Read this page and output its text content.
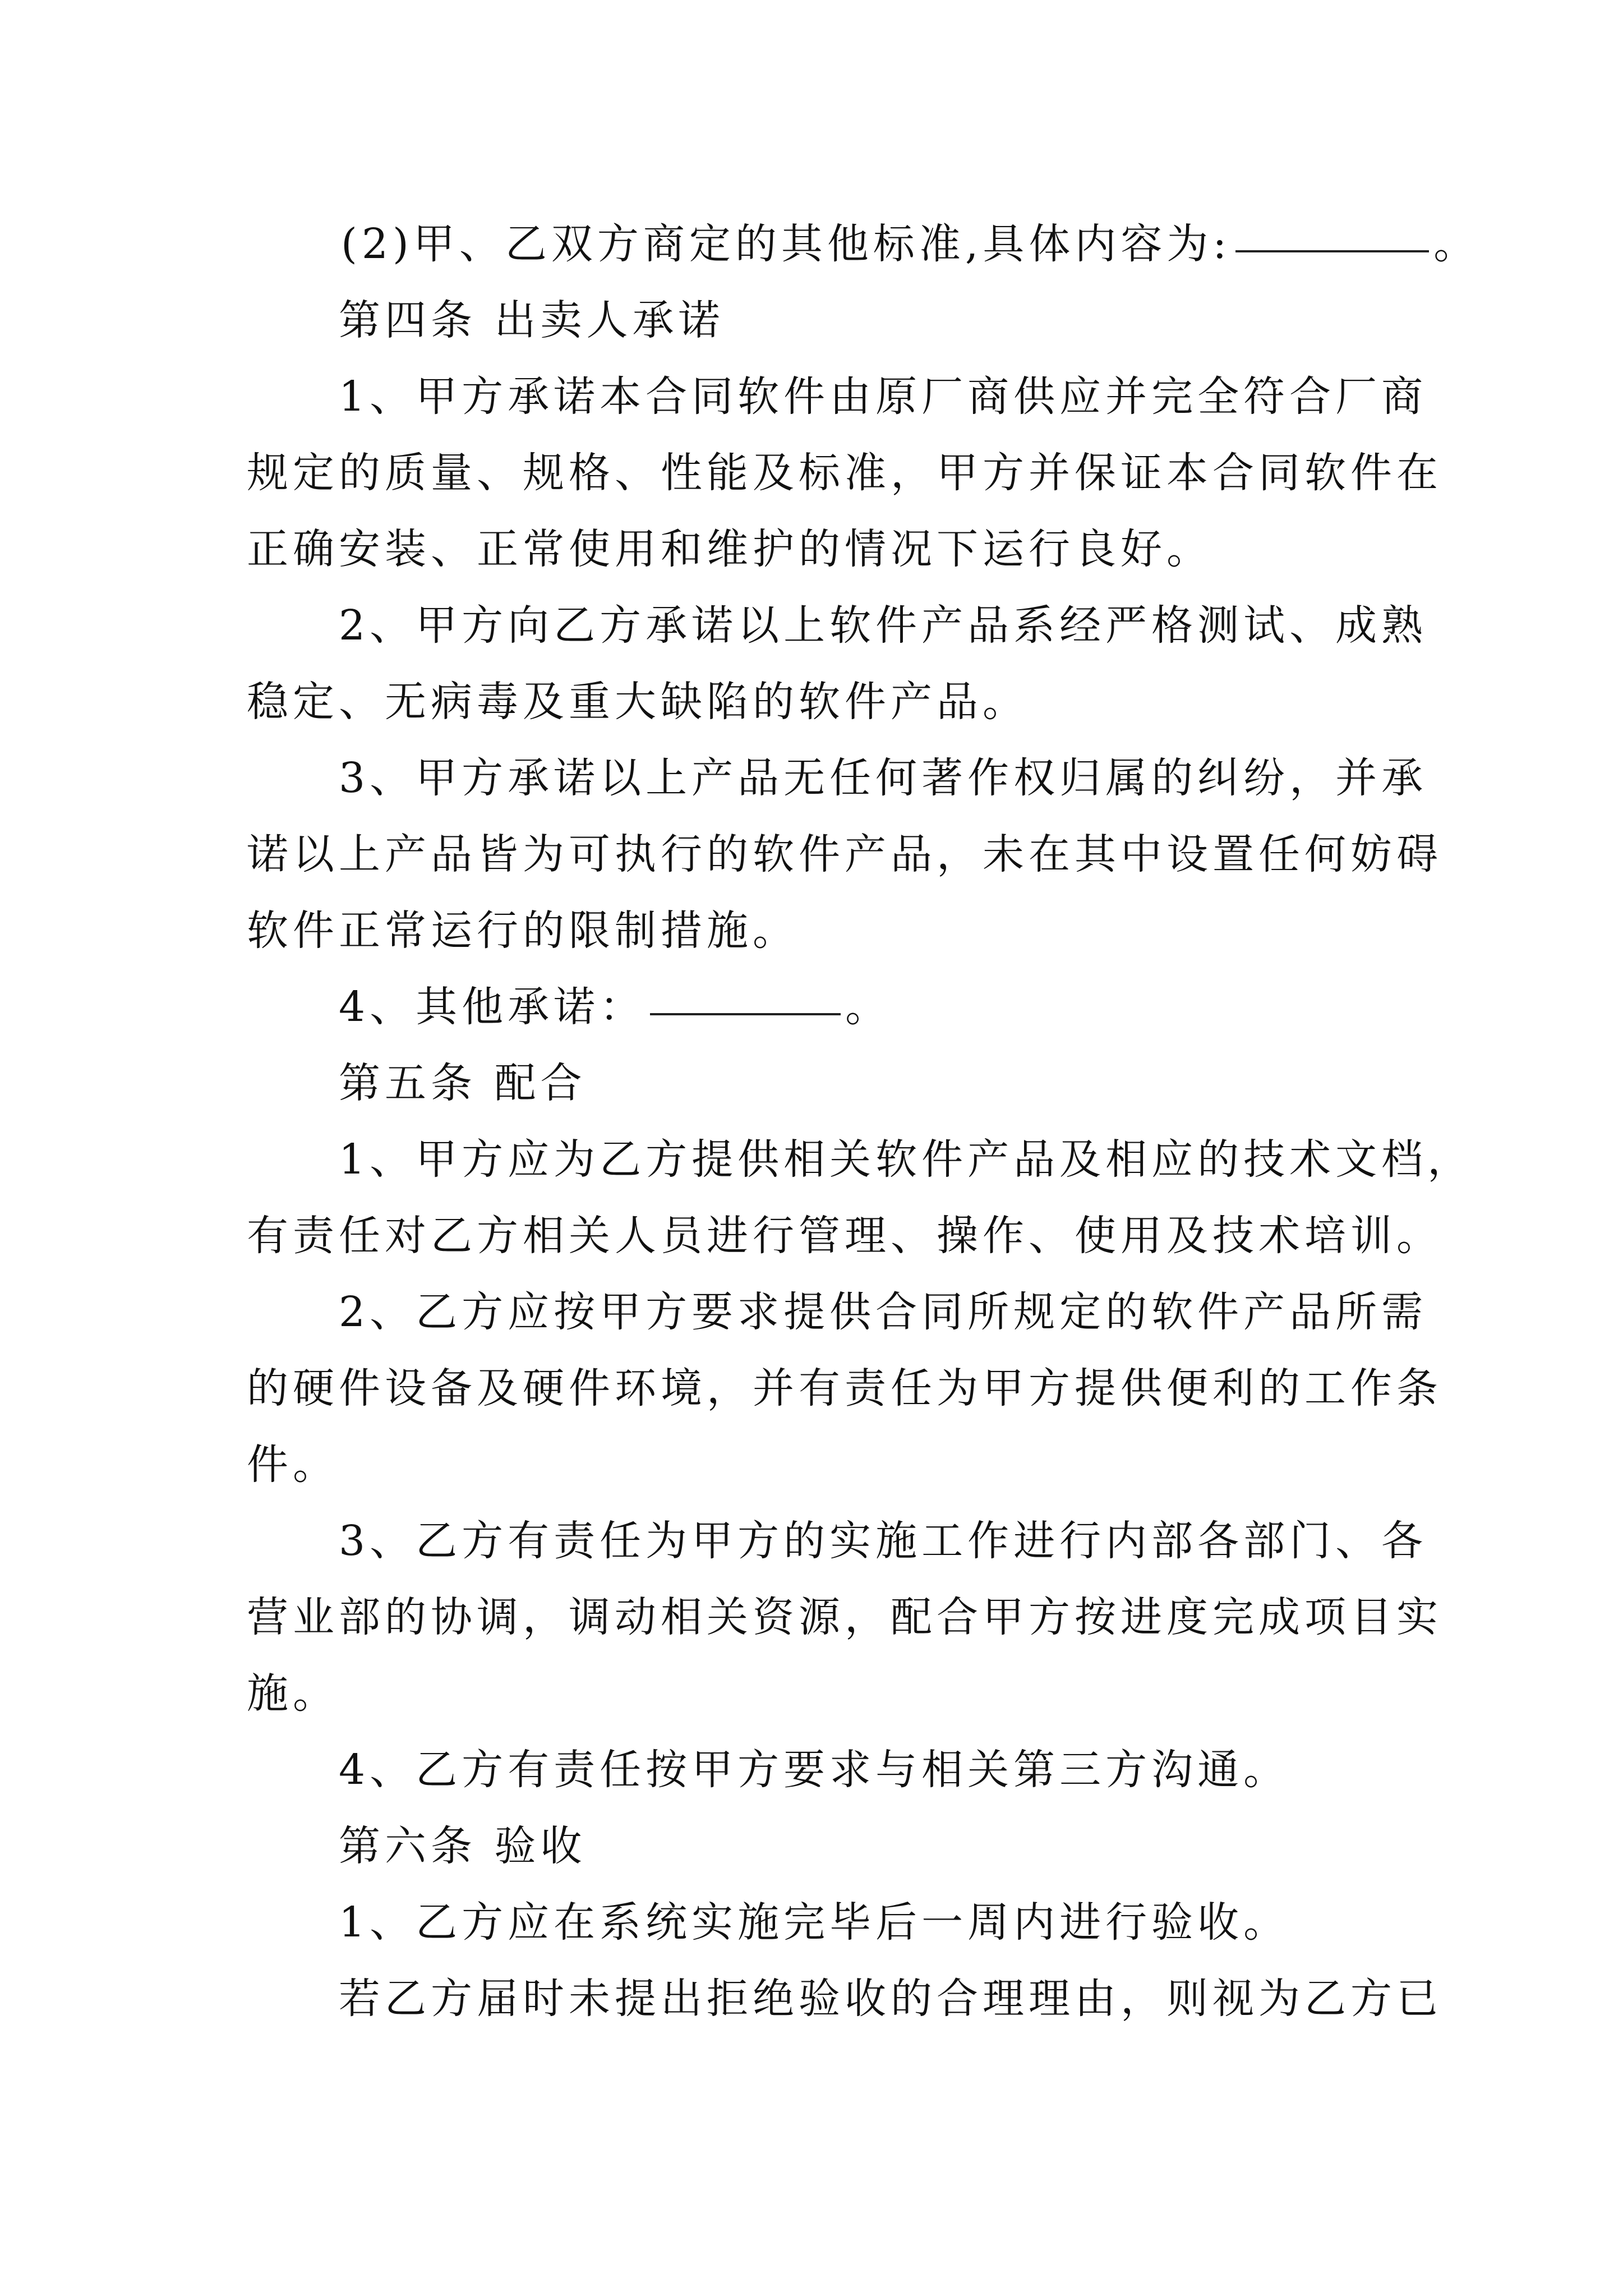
(2)甲、乙双方商定的其他标准,具体内容为:	。
第四条 出卖人承诺
1、甲方承诺本合同软件由原厂商供应并完全符合厂商
规定的质量、规格、性能及标准，甲方并保证本合同软件在
正确安装、正常使用和维护的情况下运行良好。
2、甲方向乙方承诺以上软件产品系经严格测试、成熟
稳定、无病毒及重大缺陷的软件产品。
3、甲方承诺以上产品无任何著作权归属的纠纷，并承
诺以上产品皆为可执行的软件产品，未在其中设置任何妨碍
软件正常运行的限制措施。
4、其他承诺：	。
第五条 配合
1、甲方应为乙方提供相关软件产品及相应的技术文档，
有责任对乙方相关人员进行管理、操作、使用及技术培训。
2、乙方应按甲方要求提供合同所规定的软件产品所需
的硬件设备及硬件环境，并有责任为甲方提供便利的工作条
件。
3、乙方有责任为甲方的实施工作进行内部各部门、各
营业部的协调，调动相关资源，配合甲方按进度完成项目实
施。
4、乙方有责任按甲方要求与相关第三方沟通。
第六条 验收
1、乙方应在系统实施完毕后一周内进行验收。
若乙方届时未提出拒绝验收的合理理由，则视为乙方已
